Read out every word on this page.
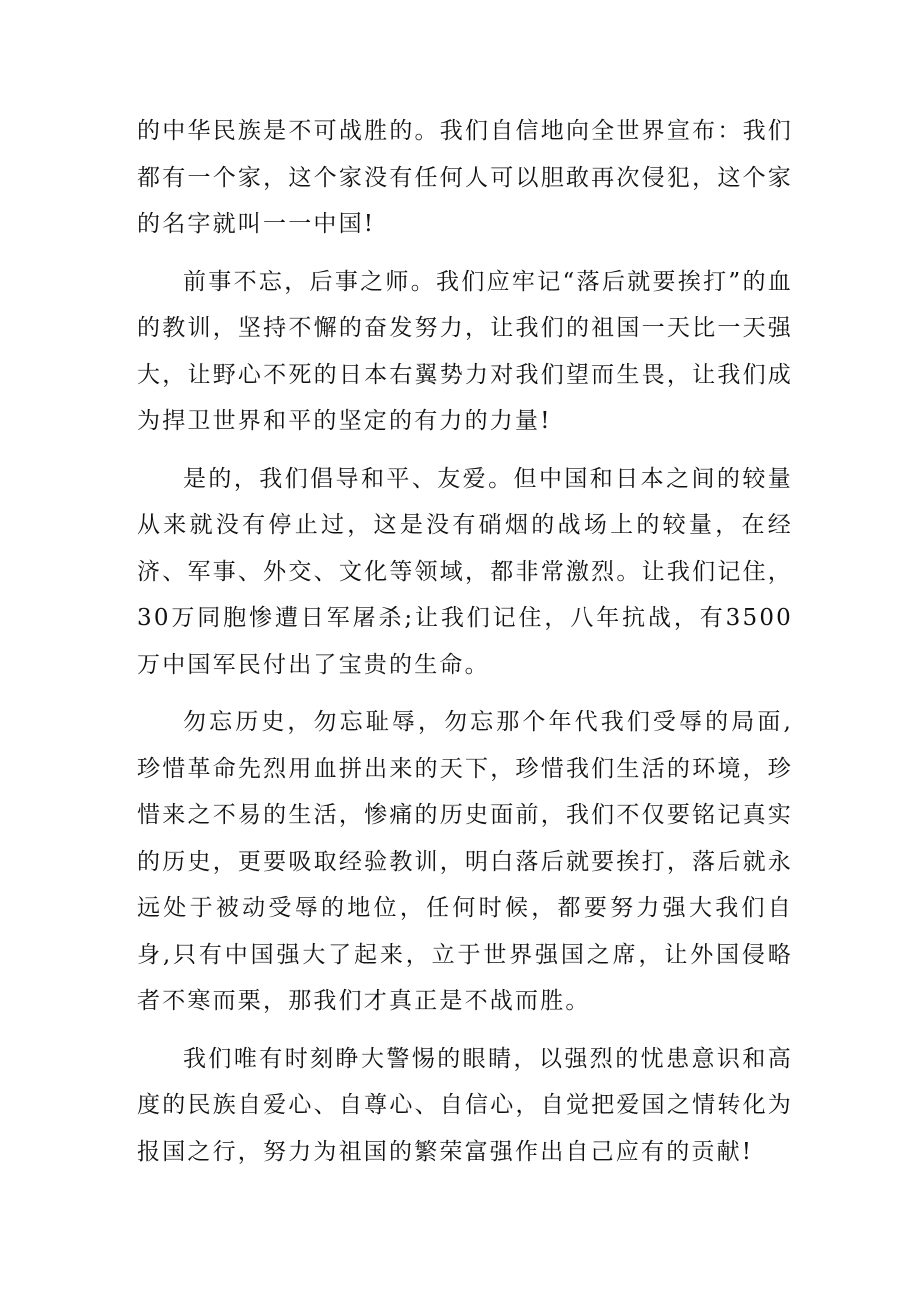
的中华民族是不可战胜的。我们自信地向全世界宣布：我们都有一个家，这个家没有任何人可以胆敢再次侵犯，这个家的名字就叫一一中国!

前事不忘，后事之师。我们应牢记“落后就要挨打”的血的教训，坚持不懈的奋发努力，让我们的祖国一天比一天强大，让野心不死的日本右翼势力对我们望而生畏，让我们成为捍卫世界和平的坚定的有力的力量!

是的，我们倡导和平、友爱。但中国和日本之间的较量从来就没有停止过，这是没有硝烟的战场上的较量，在经济、军事、外交、文化等领域，都非常激烈。让我们记住，30万同胞惨遭日军屠杀;让我们记住，八年抗战，有3500万中国军民付出了宝贵的生命。

勿忘历史，勿忘耻辱，勿忘那个年代我们受辱的局面,珍惜革命先烈用血拼出来的天下，珍惜我们生活的环境，珍惜来之不易的生活，惨痛的历史面前，我们不仅要铭记真实的历史，更要吸取经验教训，明白落后就要挨打，落后就永远处于被动受辱的地位，任何时候，都要努力强大我们自身,只有中国强大了起来，立于世界强国之席，让外国侵略者不寒而栗，那我们才真正是不战而胜。

我们唯有时刻睁大警惕的眼睛，以强烈的忧患意识和高度的民族自爱心、自尊心、自信心，自觉把爱国之情转化为报国之行，努力为祖国的繁荣富强作出自己应有的贡献!
